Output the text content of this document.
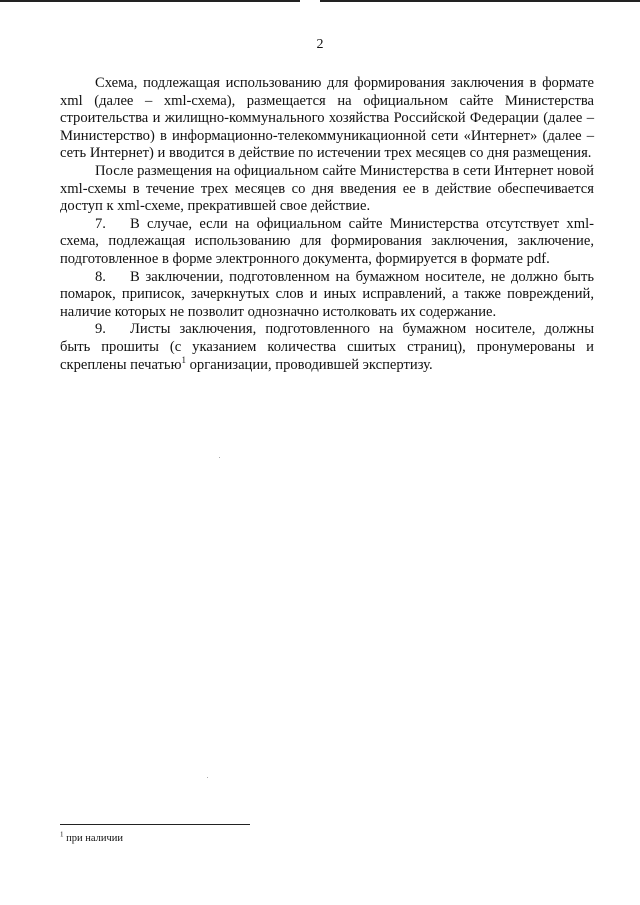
2

Схема, подлежащая использованию для формирования заключения в формате xml (далее – xml-схема), размещается на официальном сайте Министерства строительства и жилищно-коммунального хозяйства Российской Федерации (далее – Министерство) в информационно-телекоммуникационной сети «Интернет» (далее – сеть Интернет) и вводится в действие по истечении трех месяцев со дня размещения.

После размещения на официальном сайте Министерства в сети Интернет новой xml-схемы в течение трех месяцев со дня введения ее в действие обеспечивается доступ к xml-схеме, прекратившей свое действие.

7. В случае, если на официальном сайте Министерства отсутствует xml-схема, подлежащая использованию для формирования заключения, заключение, подготовленное в форме электронного документа, формируется в формате pdf.

8. В заключении, подготовленном на бумажном носителе, не должно быть помарок, приписок, зачеркнутых слов и иных исправлений, а также повреждений, наличие которых не позволит однозначно истолковать их содержание.

9. Листы заключения, подготовленного на бумажном носителе, должны быть прошиты (с указанием количества сшитых страниц), пронумерованы и скреплены печатью$^1$ организации, проводившей экспертизу.

$^1$ при наличии
